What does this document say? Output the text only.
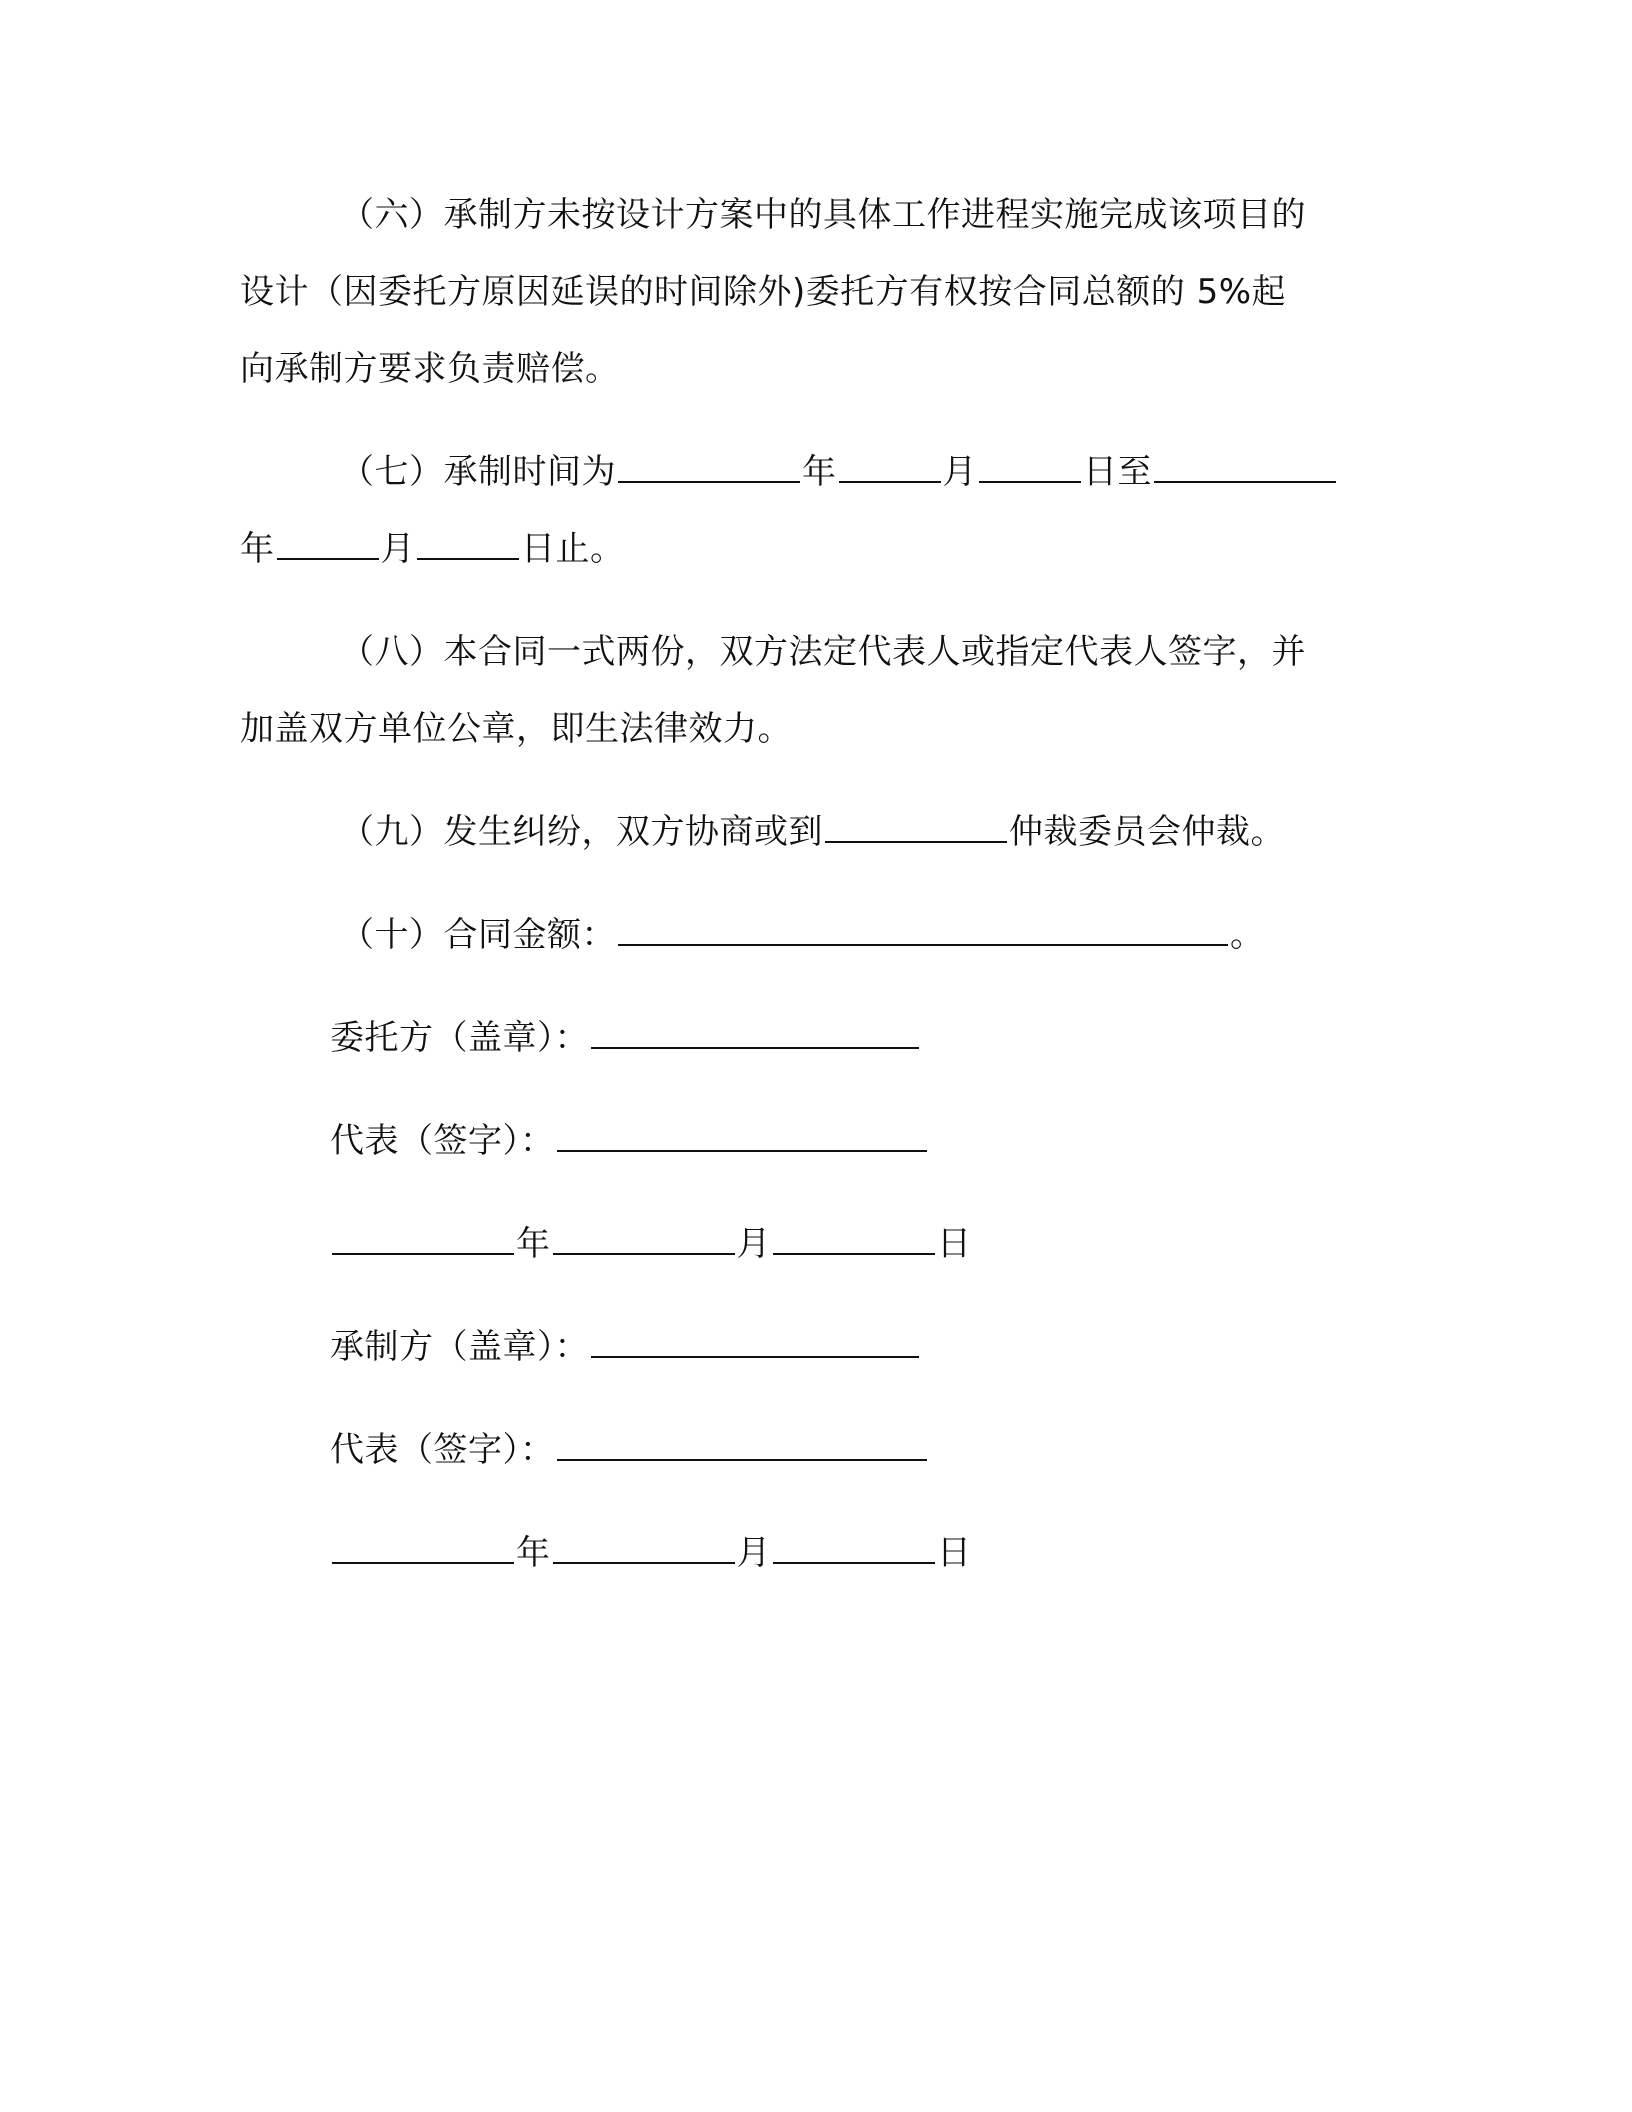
（六）承制方未按设计方案中的具体工作进程实施完成该项目的
设计（因委托方原因延误的时间除外)委托方有权按合同总额的 5%起
向承制方要求负责赔偿。
（七）承制时间为	年	月	日至
年	月	日止。
（八）本合同一式两份，双方法定代表人或指定代表人签字，并
加盖双方单位公章，即生法律效力。
（九）发生纠纷，双方协商或到	仲裁委员会仲裁。
（十）合同金额：	。
委托方（盖章）：
代表（签字）：
年	月	日
承制方（盖章）：
代表（签字）：
年	月	日
